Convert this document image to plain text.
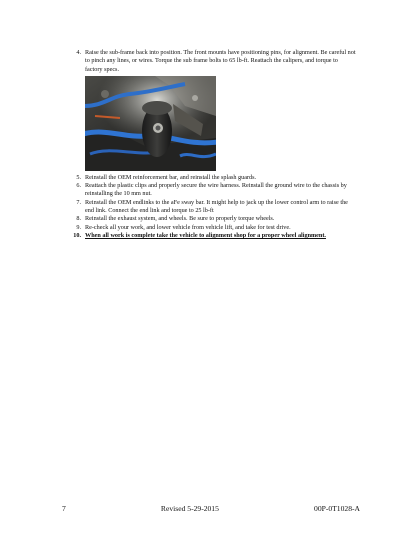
4. Raise the sub-frame back into position. The front mounts have positioning pins, for alignment. Be careful not to pinch any lines, or wires. Torque the sub frame bolts to 65 lb-ft. Reattach the calipers, and torque to factory specs.
5. Reinstall the OEM reinforcement bar, and reinstall the splash guards.
6. Reattach the plastic clips and properly secure the wire harness. Reinstall the ground wire to the chassis by reinstalling the 10 mm nut.
7. Reinstall the OEM endlinks to the aFe sway bar. It might help to jack up the lower control arm to raise the end link. Connect the end link and torque to 25 lb-ft
8. Reinstall the exhaust system, and wheels. Be sure to properly torque wheels.
9. Re-check all your work, and lower vehicle from vehicle lift, and take for test drive.
10. When all work is complete take the vehicle to alignment shop for a proper wheel alignment.
7	Revised 5-29-2015	00P-0T1028-A
